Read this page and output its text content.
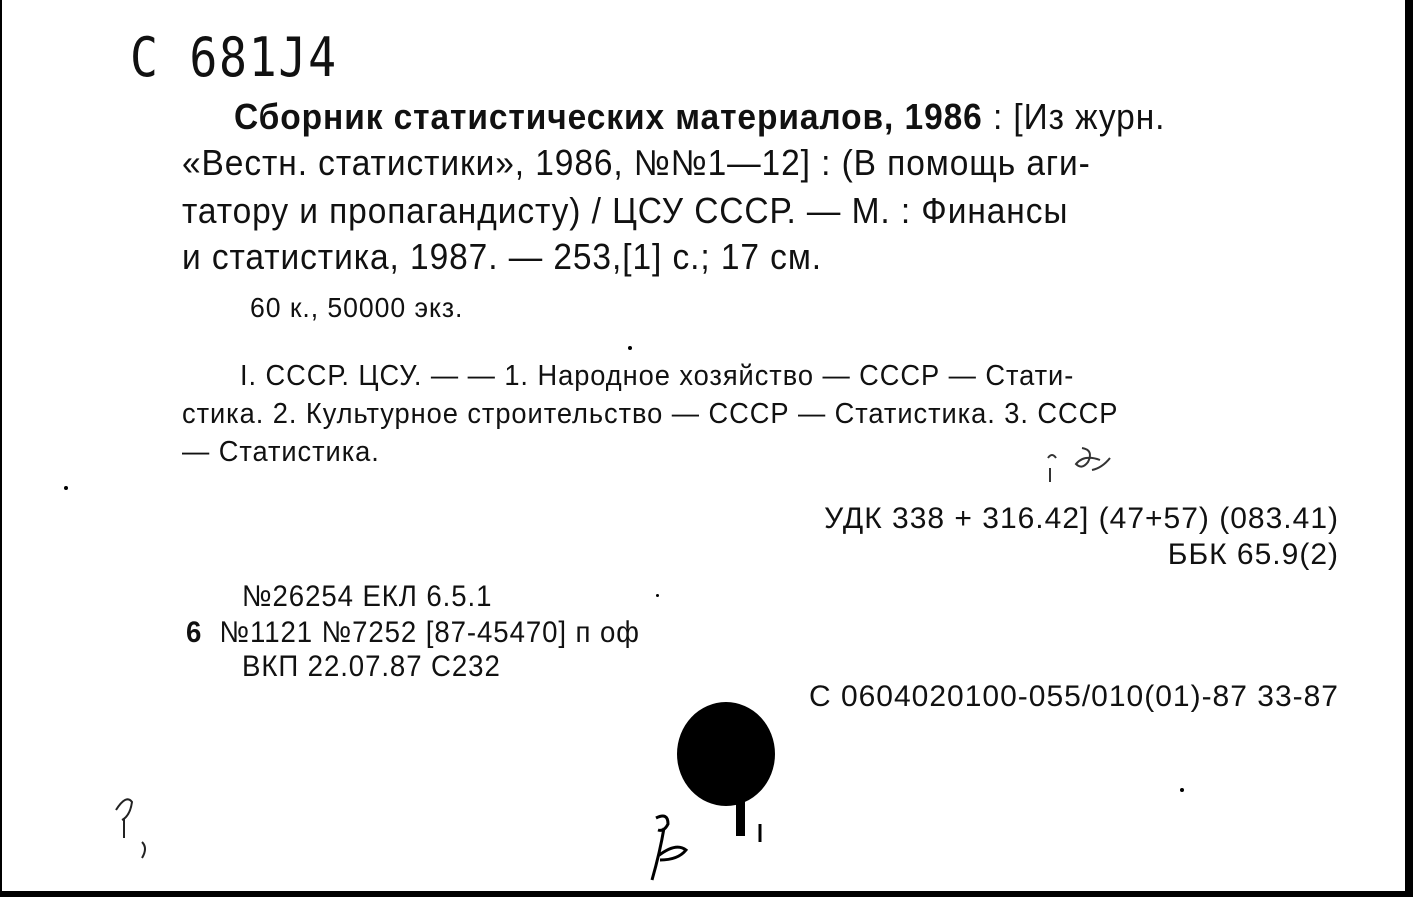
С 681J4
Сборник статистических материалов, 1986 : [Из журн.
«Вестн. статистики», 1986, №№1—12] : (В помощь аги-
татору и пропагандисту) / ЦСУ СССР. — М. : Финансы
и статистика, 1987. — 253,[1] с.; 17 см.
60 к., 50000 экз.
I. СССР. ЦСУ. — — 1. Народное хозяйство — СССР — Стати-
стика. 2. Культурное строительство — СССР — Статистика. 3. СССР
— Статистика.
УДК 338 + 316.42] (47+57) (083.41)
ББК 65.9(2)
№26254 ЕКЛ 6.5.1
6 №1121 №7252 [87-45470] п оф
ВКП 22.07.87 С232
С 0604020100-055/010(01)-87 33-87
